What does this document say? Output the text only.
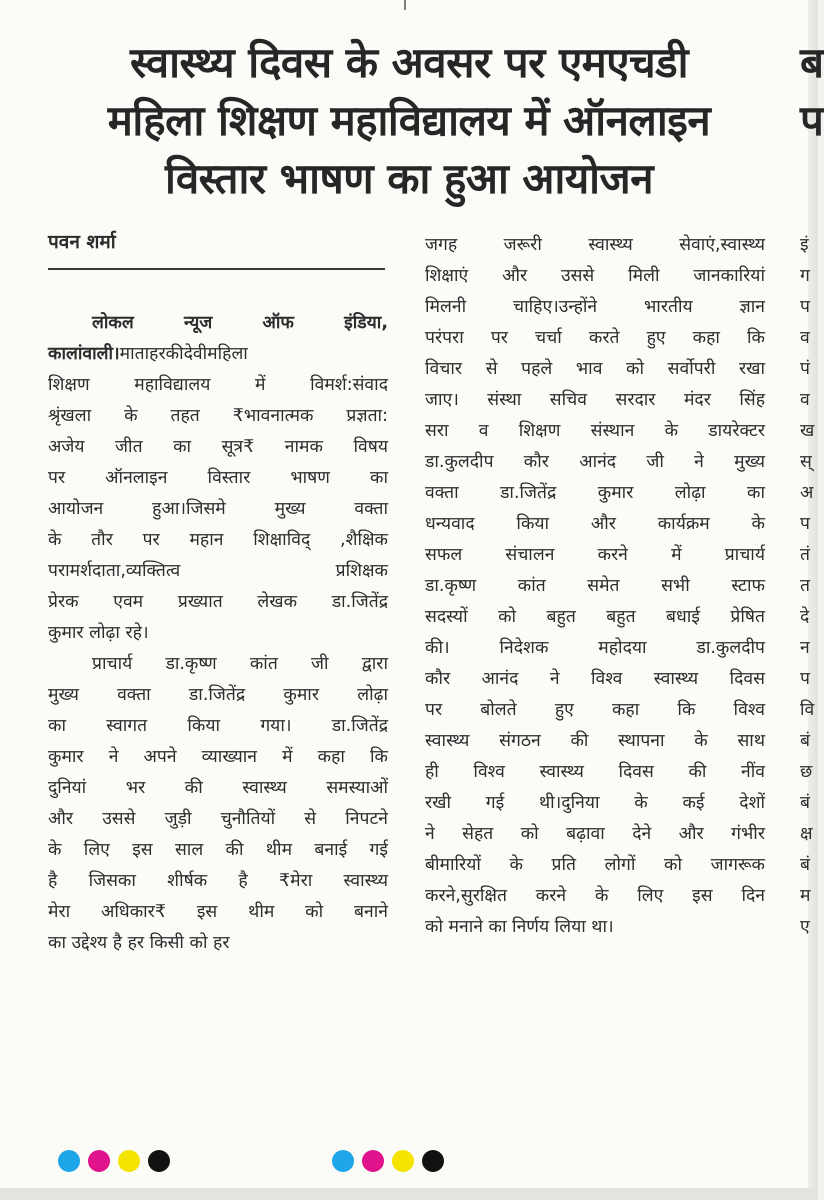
स्वास्थ्य दिवस के अवसर पर एमएचडी
महिला शिक्षण महाविद्यालय में ऑनलाइन
विस्तार भाषण का हुआ आयोजन
ब
प
पवन शर्मा
लोकल न्यूज ऑफ इंडिया,
कालांवाली।माताहरकीदेवीमहिला
शिक्षण महाविद्यालय में विमर्श:संवाद
श्रृंखला के तहत ₹भावनात्मक प्रज्ञता:
अजेय जीत का सूत्र₹ नामक विषय
पर ऑनलाइन विस्तार भाषण का
आयोजन हुआ।जिसमे मुख्य वक्ता
के तौर पर महान शिक्षाविद् ,शैक्षिक
परामर्शदाता,व्यक्तित्व प्रशिक्षक
प्रेरक एवम प्रख्यात लेखक डा.जितेंद्र
कुमार लोढ़ा रहे।
प्राचार्य डा.कृष्ण कांत जी द्वारा
मुख्य वक्ता डा.जितेंद्र कुमार लोढ़ा
का स्वागत किया गया। डा.जितेंद्र
कुमार ने अपने व्याख्यान में कहा कि
दुनियां भर की स्वास्थ्य समस्याओं
और उससे जुड़ी चुनौतियों से निपटने
के लिए इस साल की थीम बनाई गई
है जिसका शीर्षक है ₹मेरा स्वास्थ्य
मेरा अधिकार₹ इस थीम को बनाने
का उद्देश्य है हर किसी को हर
जगह जरूरी स्वास्थ्य सेवाएं,स्वास्थ्य
शिक्षाएं और उससे मिली जानकारियां
मिलनी चाहिए।उन्होंने भारतीय ज्ञान
परंपरा पर चर्चा करते हुए कहा कि
विचार से पहले भाव को सर्वोपरी रखा
जाए। संस्था सचिव सरदार मंदर सिंह
सरा व शिक्षण संस्थान के डायरेक्टर
डा.कुलदीप कौर आनंद जी ने मुख्य
वक्ता डा.जितेंद्र कुमार लोढ़ा का
धन्यवाद किया और कार्यक्रम के
सफल संचालन करने में प्राचार्य
डा.कृष्ण कांत समेत सभी स्टाफ
सदस्यों को बहुत बहुत बधाई प्रेषित
की। निदेशक महोदया डा.कुलदीप
कौर आनंद ने विश्व स्वास्थ्य दिवस
पर बोलते हुए कहा कि विश्व
स्वास्थ्य संगठन की स्थापना के साथ
ही विश्व स्वास्थ्य दिवस की नींव
रखी गई थी।दुनिया के कई देशों
ने सेहत को बढ़ावा देने और गंभीर
बीमारियों के प्रति लोगों को जागरूक
करने,सुरक्षित करने के लिए इस दिन
को मनाने का निर्णय लिया था।
इं
ग
प
व
पं
व
ख
स्
अ
प
तं
त
दे
न
प
वि
बं
छ
बं
क्ष
बं
म
ए
